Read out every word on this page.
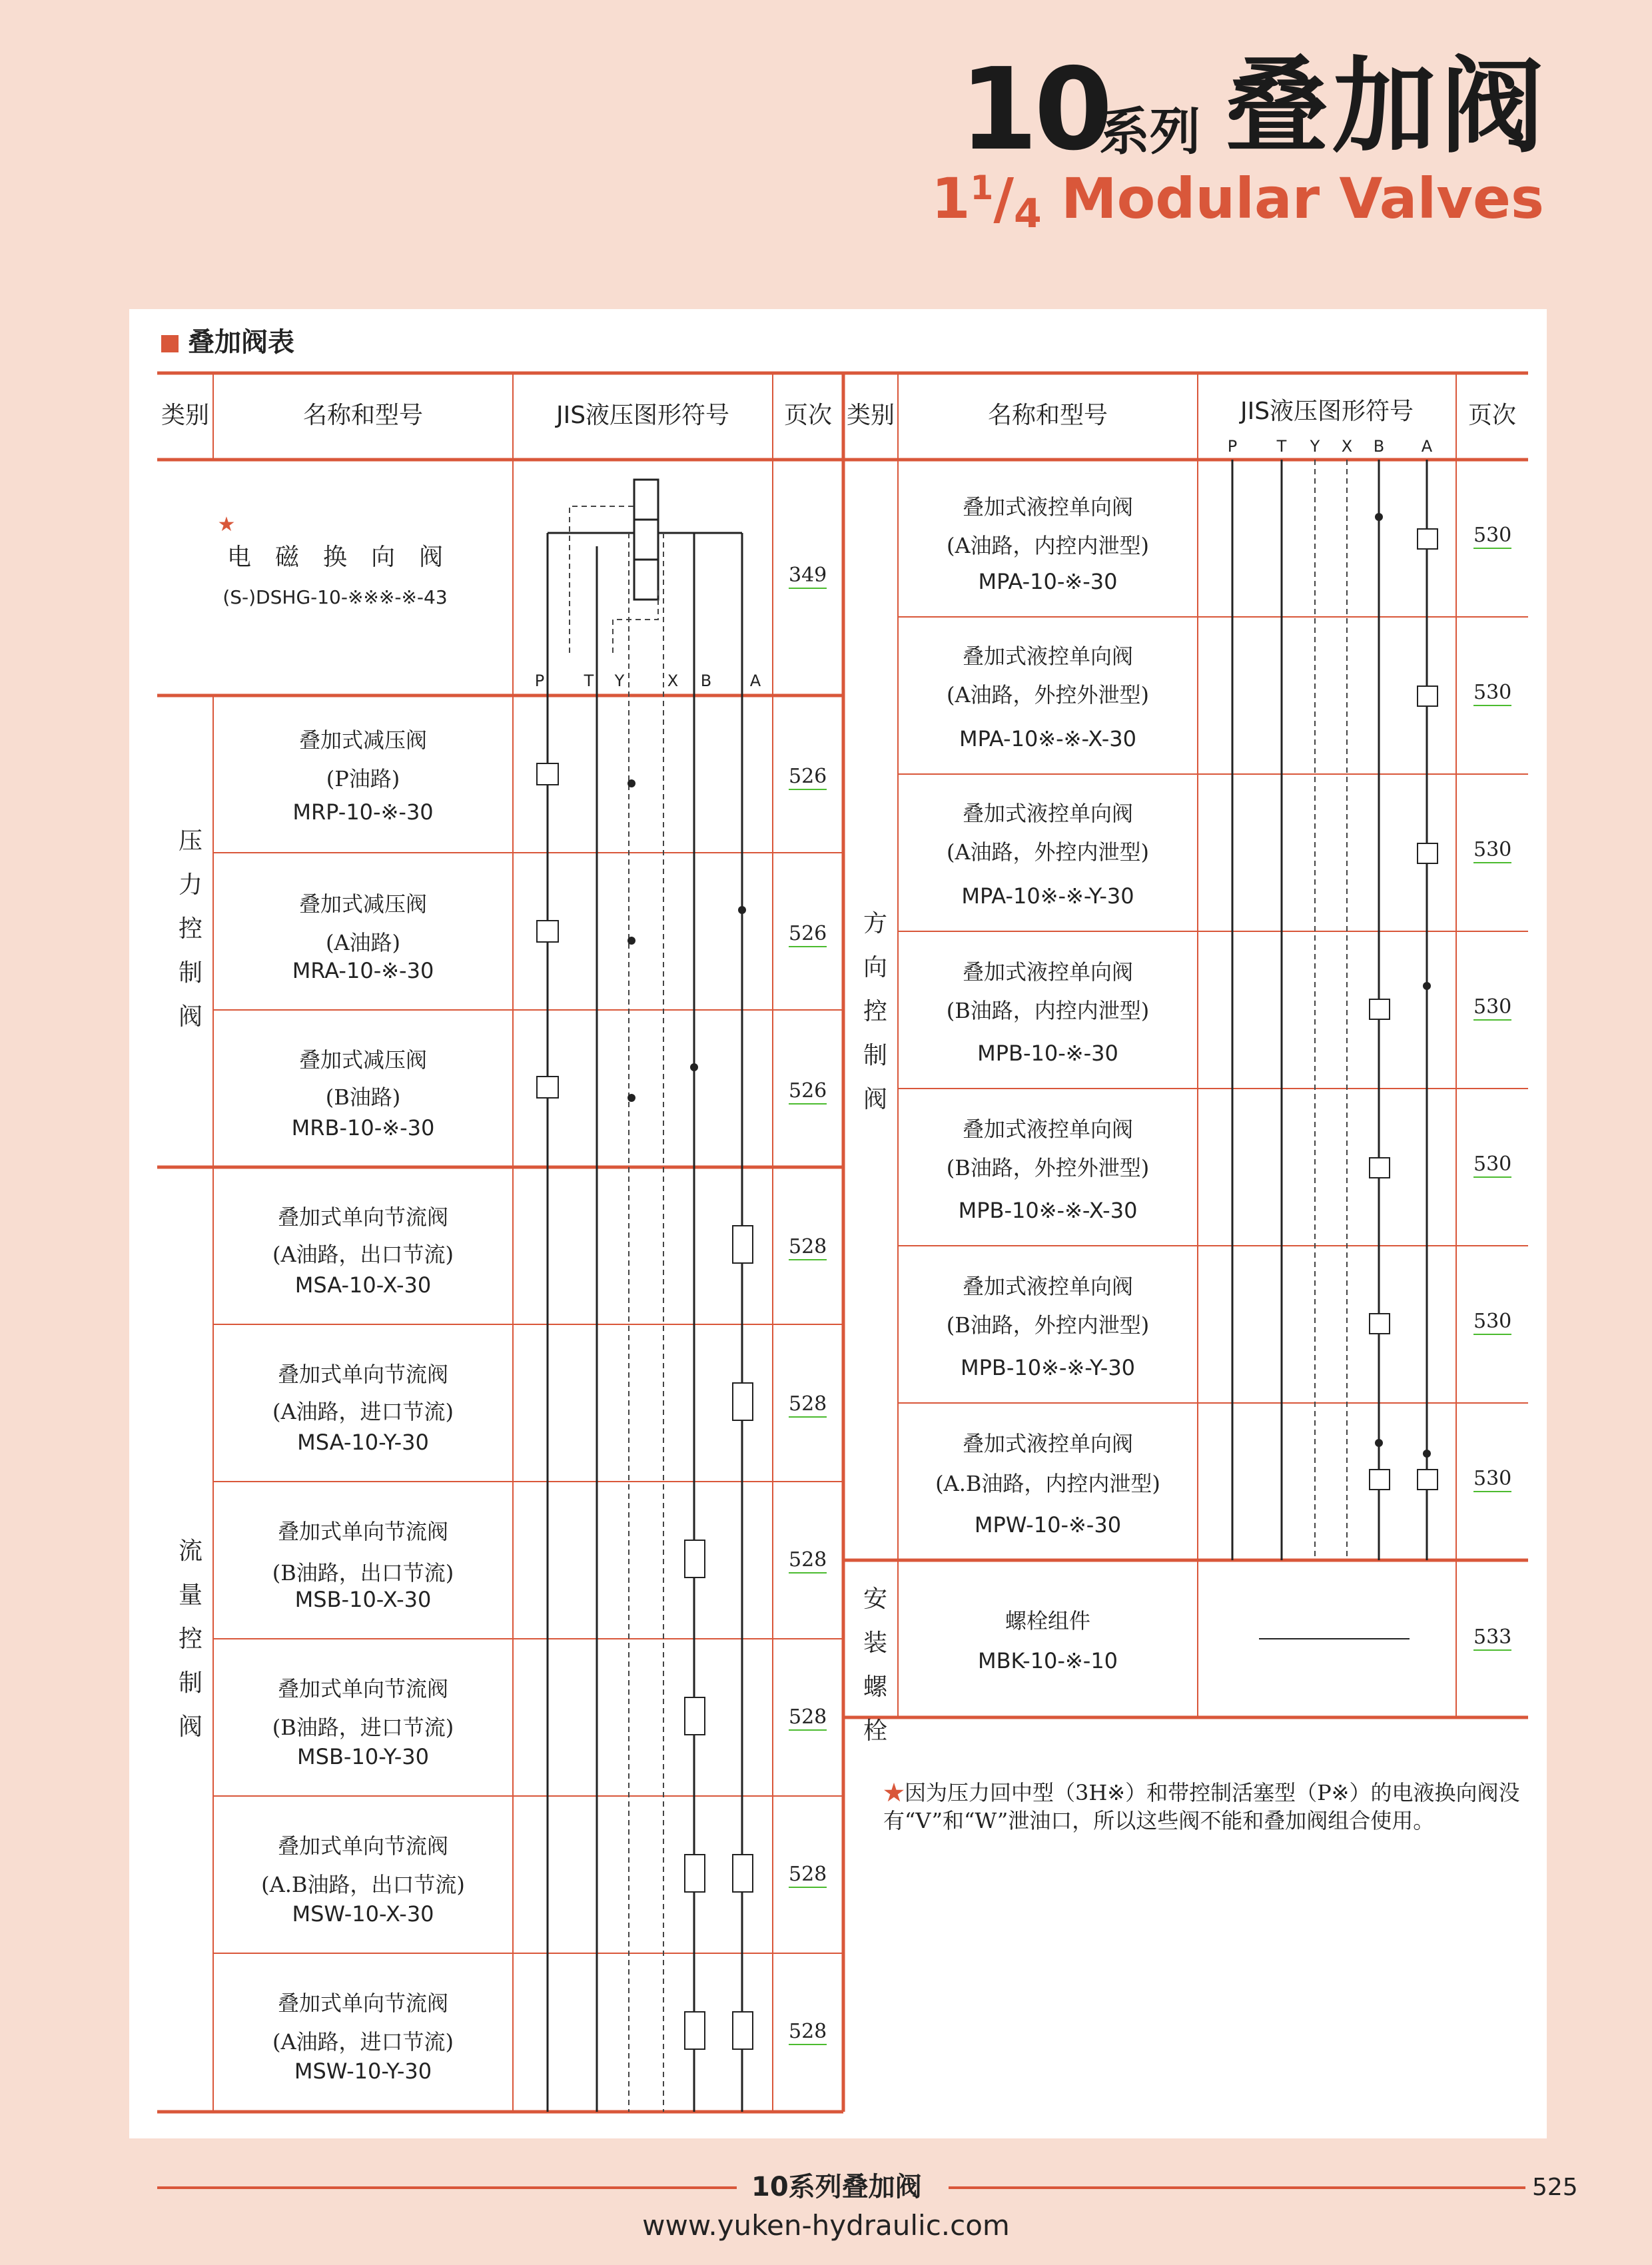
10
系列 叠加阀
$1^1/_4$ Modular Valves
叠加阀表
类别	名称和型号	JIS液压图形符号	页次 类别	名称和型号	JIS液压图形符号	页次
P T Y X B A
P T Y	X B A
★
电　磁　换　向　阀
(S-)DSHG-10-※※※-※-43
349
压力控制阀
叠加式减压阀
(P油路)
MRP-10-※-30
526
叠加式减压阀
(A油路)
MRA-10-※-30
526
叠加式减压阀
(B油路)
MRB-10-※-30
526
流量控制阀
叠加式单向节流阀
(A油路，出口节流)
MSA-10-X-30
528
叠加式单向节流阀
(A油路，进口节流)
MSA-10-Y-30
528
叠加式单向节流阀
(B油路，出口节流)
MSB-10-X-30
528
叠加式单向节流阀
(B油路，进口节流)
MSB-10-Y-30
528
叠加式单向节流阀
(A.B油路，出口节流)
MSW-10-X-30
528
叠加式单向节流阀
(A油路，进口节流)
MSW-10-Y-30
528
方向控制阀
叠加式液控单向阀
(A油路，内控内泄型)
MPA-10-※-30
530
叠加式液控单向阀
(A油路，外控外泄型)
MPA-10※-※-X-30
530
叠加式液控单向阀
(A油路，外控内泄型)
MPA-10※-※-Y-30
530
叠加式液控单向阀
(B油路，内控内泄型)
MPB-10-※-30
530
叠加式液控单向阀
(B油路，外控外泄型)
MPB-10※-※-X-30
530
叠加式液控单向阀
(B油路，外控内泄型)
MPB-10※-※-Y-30
530
叠加式液控单向阀
(A.B油路，内控内泄型)
MPW-10-※-30
530
安装螺栓
螺栓组件
MBK-10-※-10
533
★因为压力回中型（3H※）和带控制活塞型（P※）的电液换向阀没有“V”和“W”泄油口，所以这些阀不能和叠加阀组合使用。
10系列叠加阀	525
www.yuken-hydraulic.com
